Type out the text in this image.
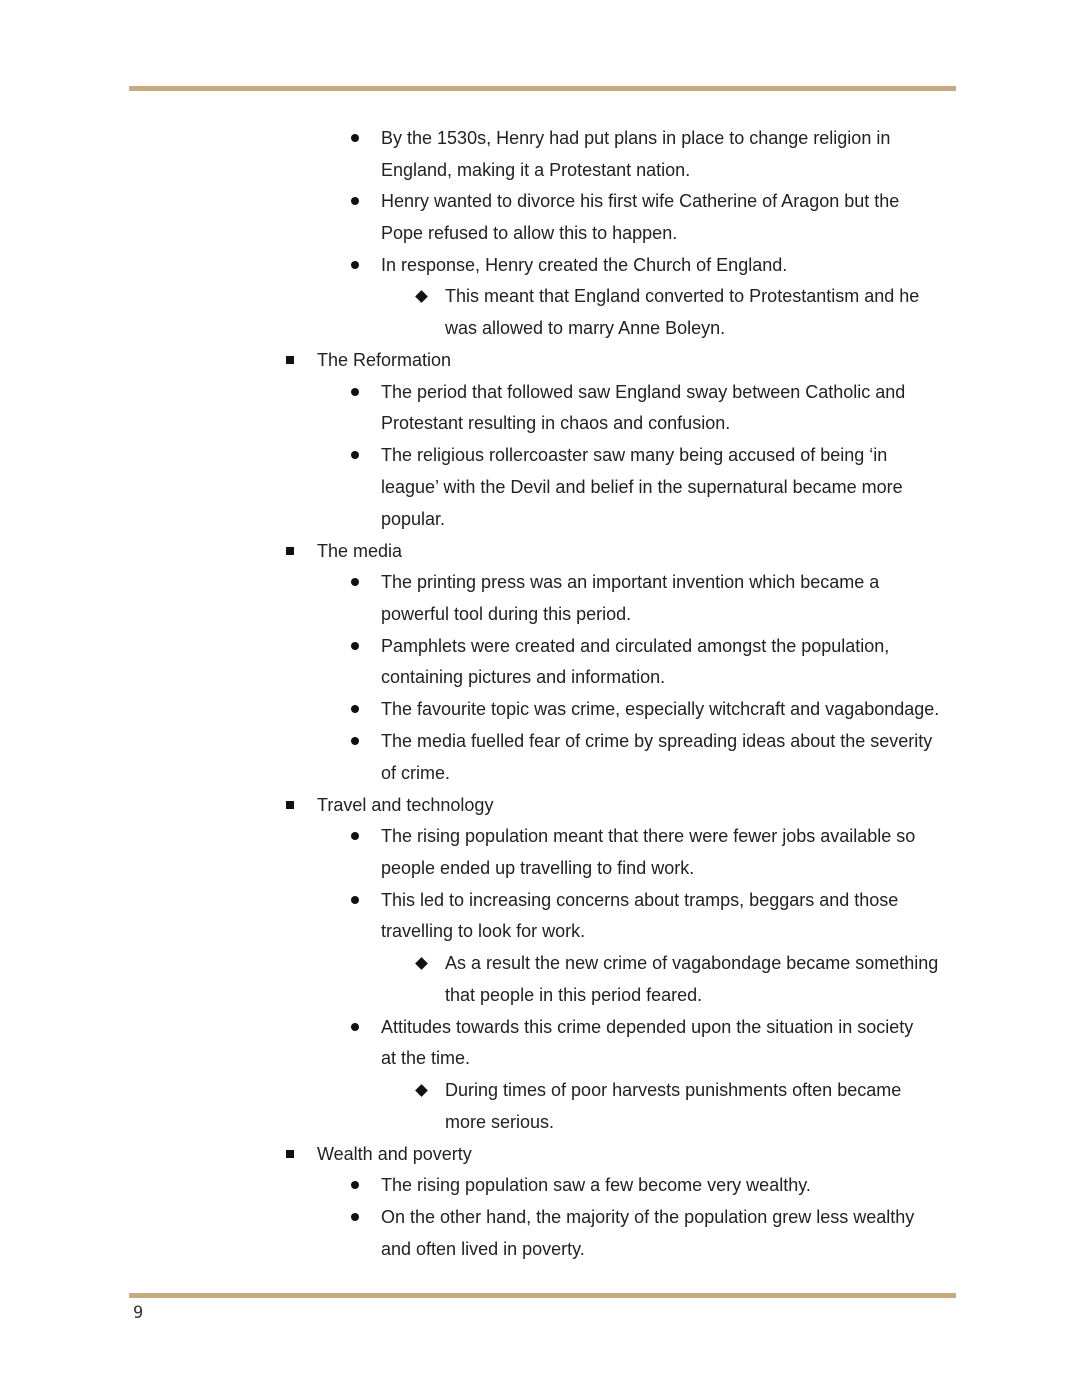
By the 1530s, Henry had put plans in place to change religion in
England, making it a Protestant nation.
Henry wanted to divorce his first wife Catherine of Aragon but the
Pope refused to allow this to happen.
In response, Henry created the Church of England.
This meant that England converted to Protestantism and he
was allowed to marry Anne Boleyn.
The Reformation
The period that followed saw England sway between Catholic and
Protestant resulting in chaos and confusion.
The religious rollercoaster saw many being accused of being ‘in
league’ with the Devil and belief in the supernatural became more
popular.
The media
The printing press was an important invention which became a
powerful tool during this period.
Pamphlets were created and circulated amongst the population,
containing pictures and information.
The favourite topic was crime, especially witchcraft and vagabondage.
The media fuelled fear of crime by spreading ideas about the severity
of crime.
Travel and technology
The rising population meant that there were fewer jobs available so
people ended up travelling to find work.
This led to increasing concerns about tramps, beggars and those
travelling to look for work.
As a result the new crime of vagabondage became something
that people in this period feared.
Attitudes towards this crime depended upon the situation in society
at the time.
During times of poor harvests punishments often became
more serious.
Wealth and poverty
The rising population saw a few become very wealthy.
On the other hand, the majority of the population grew less wealthy
and often lived in poverty.
9
